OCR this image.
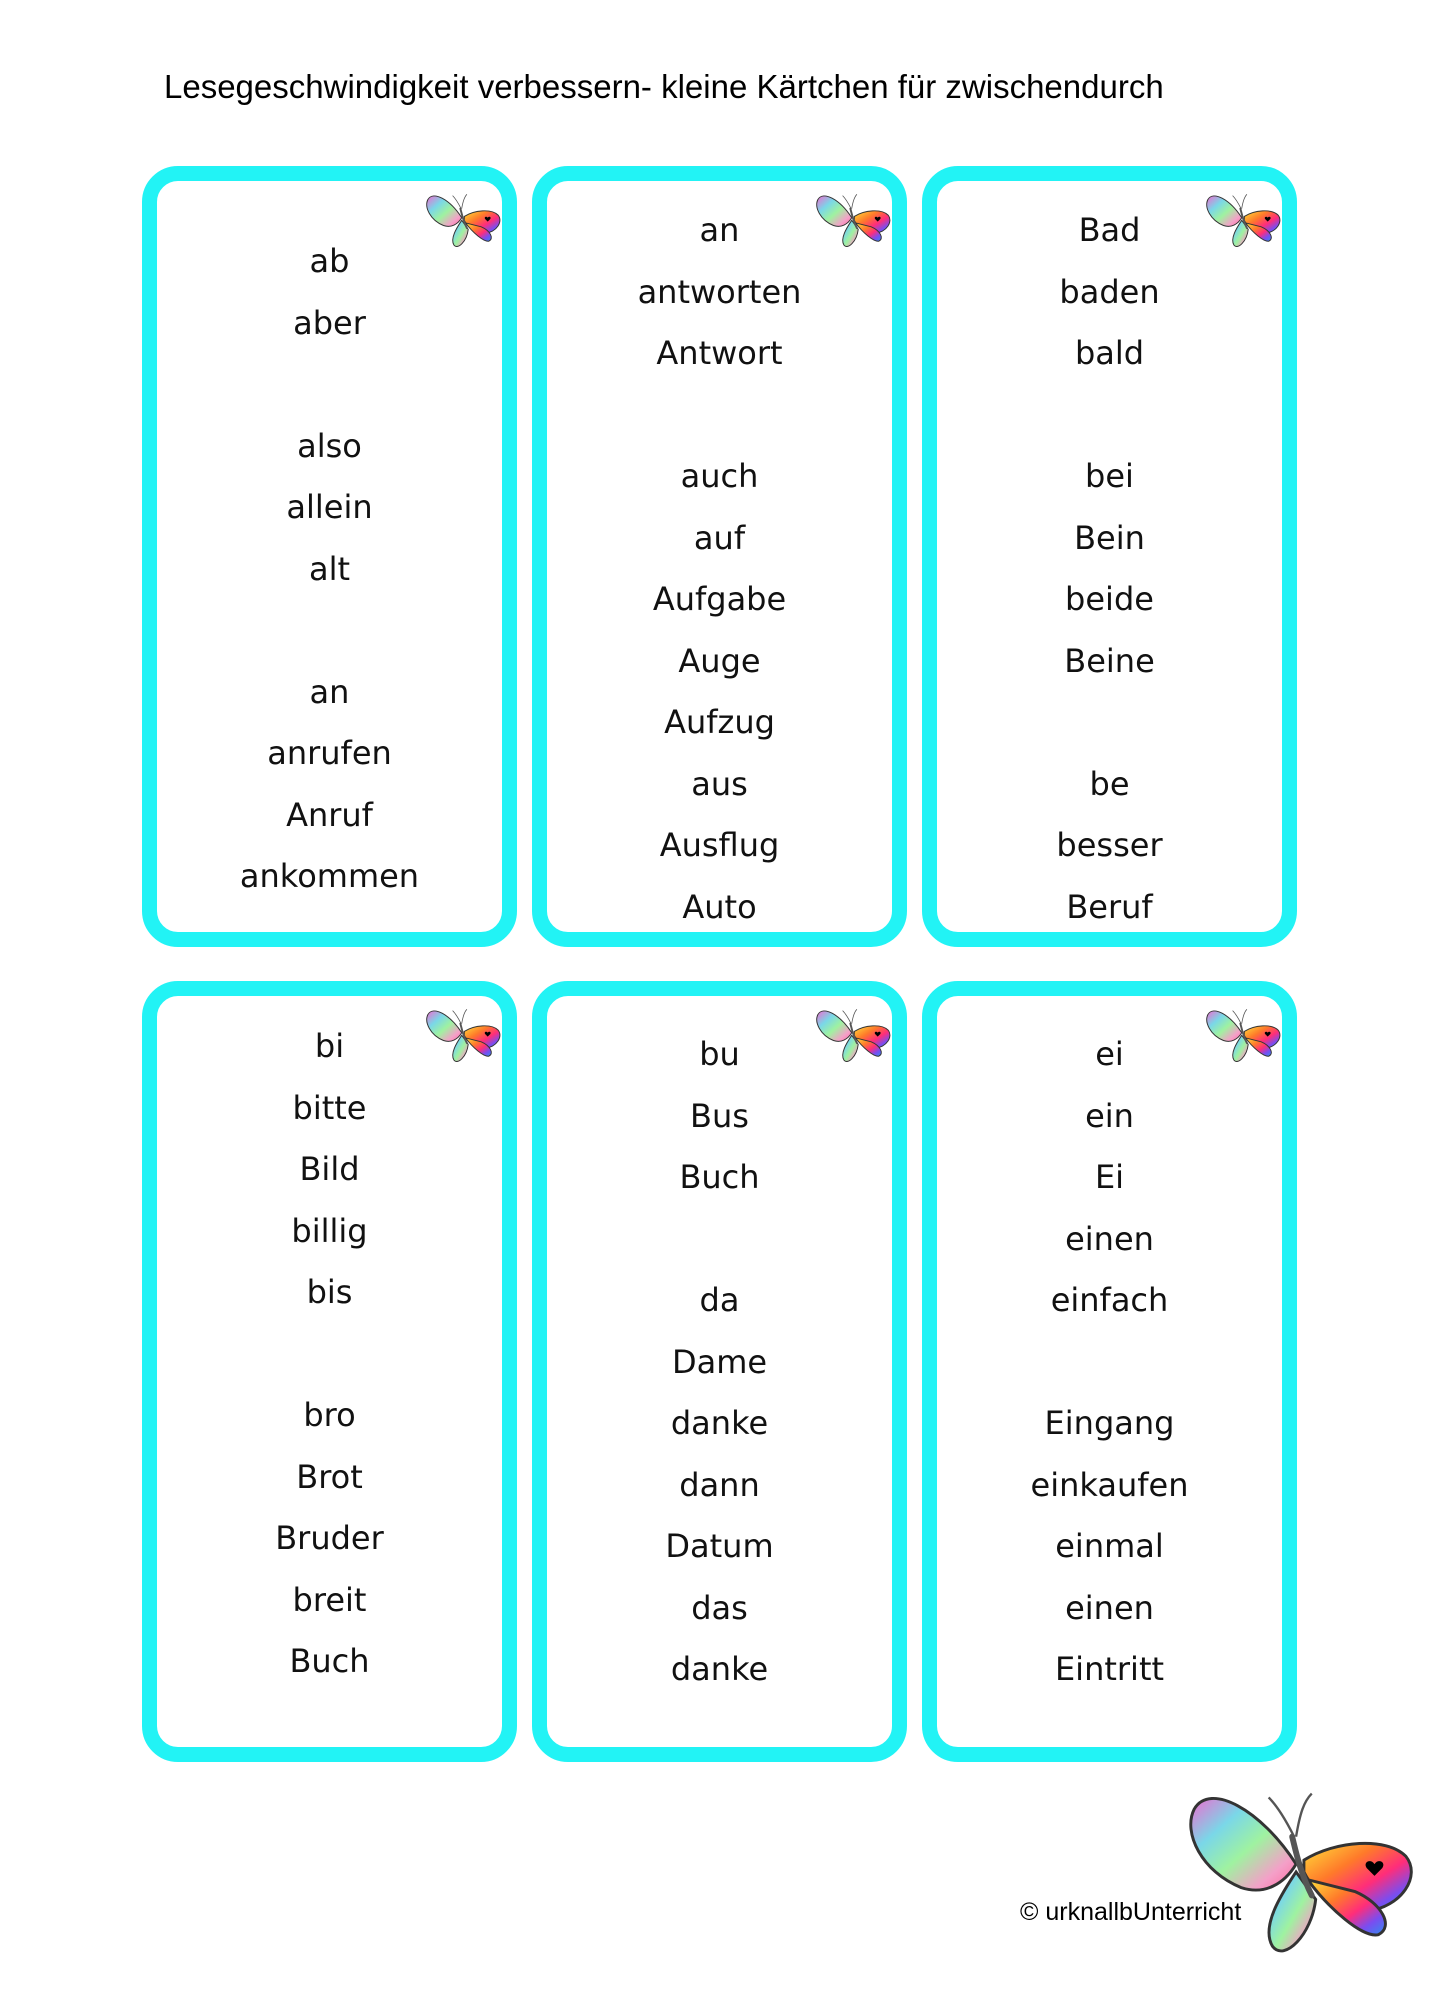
Lesegeschwindigkeit verbessern- kleine Kärtchen für zwischendurch
ab
aber
also
allein
alt
an
anrufen
Anruf
ankommen
an
antworten
Antwort
auch
auf
Aufgabe
Auge
Aufzug
aus
Ausflug
Auto
Bad
baden
bald
bei
Bein
beide
Beine
be
besser
Beruf
bi
bitte
Bild
billig
bis
bro
Brot
Bruder
breit
Buch
bu
Bus
Buch
da
Dame
danke
dann
Datum
das
danke
ei
ein
Ei
einen
einfach
Eingang
einkaufen
einmal
einen
Eintritt
© urknallbUnterricht
